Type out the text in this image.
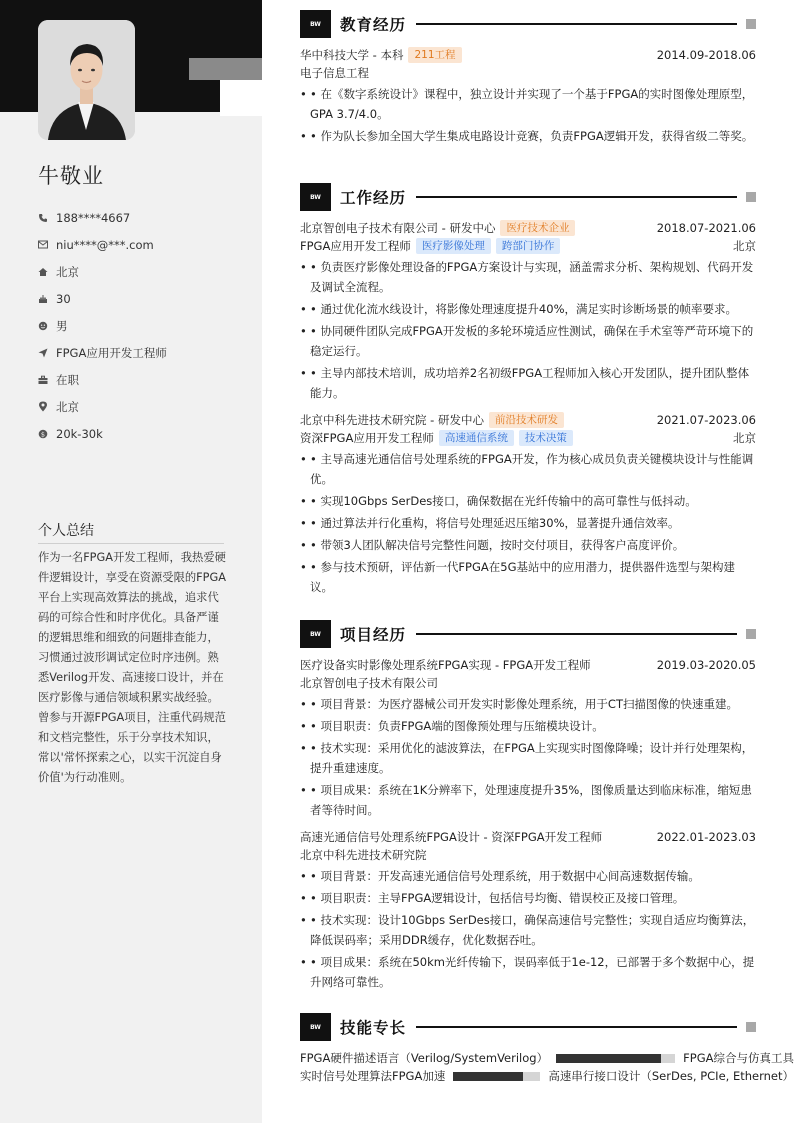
牛敬业
188****4667
niu****@***.com
北京
30
男
FPGA应用开发工程师
在职
北京
$ 20k-30k
个人总结
作为一名FPGA开发工程师，我热爱硬件逻辑设计，享受在资源受限的FPGA平台上实现高效算法的挑战，追求代码的可综合性和时序优化。具备严谨的逻辑思维和细致的问题排查能力，习惯通过波形调试定位时序违例。熟悉Verilog开发、高速接口设计，并在医疗影像与通信领域积累实战经验。曾参与开源FPGA项目，注重代码规范和文档完整性，乐于分享技术知识，常以'常怀探索之心，以实干沉淀自身价值'为行动准则。
BW	教育经历
华中科技大学 - 本科	211工程	2014.09-2018.06
电子信息工程
• • 在《数字系统设计》课程中，独立设计并实现了一个基于FPGA的实时图像处理原型，GPA 3.7/4.0。
• • 作为队长参加全国大学生集成电路设计竞赛，负责FPGA逻辑开发，获得省级二等奖。
BW	工作经历
北京智创电子技术有限公司 - 研发中心	医疗技术企业	2018.07-2021.06
FPGA应用开发工程师	医疗影像处理	跨部门协作	北京
• • 负责医疗影像处理设备的FPGA方案设计与实现，涵盖需求分析、架构规划、代码开发及调试全流程。
• • 通过优化流水线设计，将影像处理速度提升40%，满足实时诊断场景的帧率要求。
• • 协同硬件团队完成FPGA开发板的多轮环境适应性测试，确保在手术室等严苛环境下的稳定运行。
• • 主导内部技术培训，成功培养2名初级FPGA工程师加入核心开发团队，提升团队整体能力。
北京中科先进技术研究院 - 研发中心	前沿技术研发	2021.07-2023.06
资深FPGA应用开发工程师	高速通信系统	技术决策	北京
• • 主导高速光通信信号处理系统的FPGA开发，作为核心成员负责关键模块设计与性能调优。
• • 实现10Gbps SerDes接口，确保数据在光纤传输中的高可靠性与低抖动。
• • 通过算法并行化重构，将信号处理延迟压缩30%，显著提升通信效率。
• • 带领3人团队解决信号完整性问题，按时交付项目，获得客户高度评价。
• • 参与技术预研，评估新一代FPGA在5G基站中的应用潜力，提供器件选型与架构建议。
BW	项目经历
医疗设备实时影像处理系统FPGA实现 - FPGA开发工程师	2019.03-2020.05
北京智创电子技术有限公司
• • 项目背景：为医疗器械公司开发实时影像处理系统，用于CT扫描图像的快速重建。
• • 项目职责：负责FPGA端的图像预处理与压缩模块设计。
• • 技术实现：采用优化的滤波算法，在FPGA上实现实时图像降噪；设计并行处理架构，提升重建速度。
• • 项目成果：系统在1K分辨率下，处理速度提升35%，图像质量达到临床标准，缩短患者等待时间。
高速光通信信号处理系统FPGA设计 - 资深FPGA开发工程师	2022.01-2023.03
北京中科先进技术研究院
• • 项目背景：开发高速光通信信号处理系统，用于数据中心间高速数据传输。
• • 项目职责：主导FPGA逻辑设计，包括信号均衡、错误校正及接口管理。
• • 技术实现：设计10Gbps SerDes接口，确保高速信号完整性；实现自适应均衡算法，降低误码率；采用DDR缓存，优化数据吞吐。
• • 项目成果：系统在50km光纤传输下，误码率低于1e-12，已部署于多个数据中心，提升网络可靠性。
BW	技能专长
FPGA硬件描述语言（Verilog/SystemVerilog）	FPGA综合与仿真工具
实时信号处理算法FPGA加速	高速串行接口设计（SerDes, PCIe, Ethernet）
